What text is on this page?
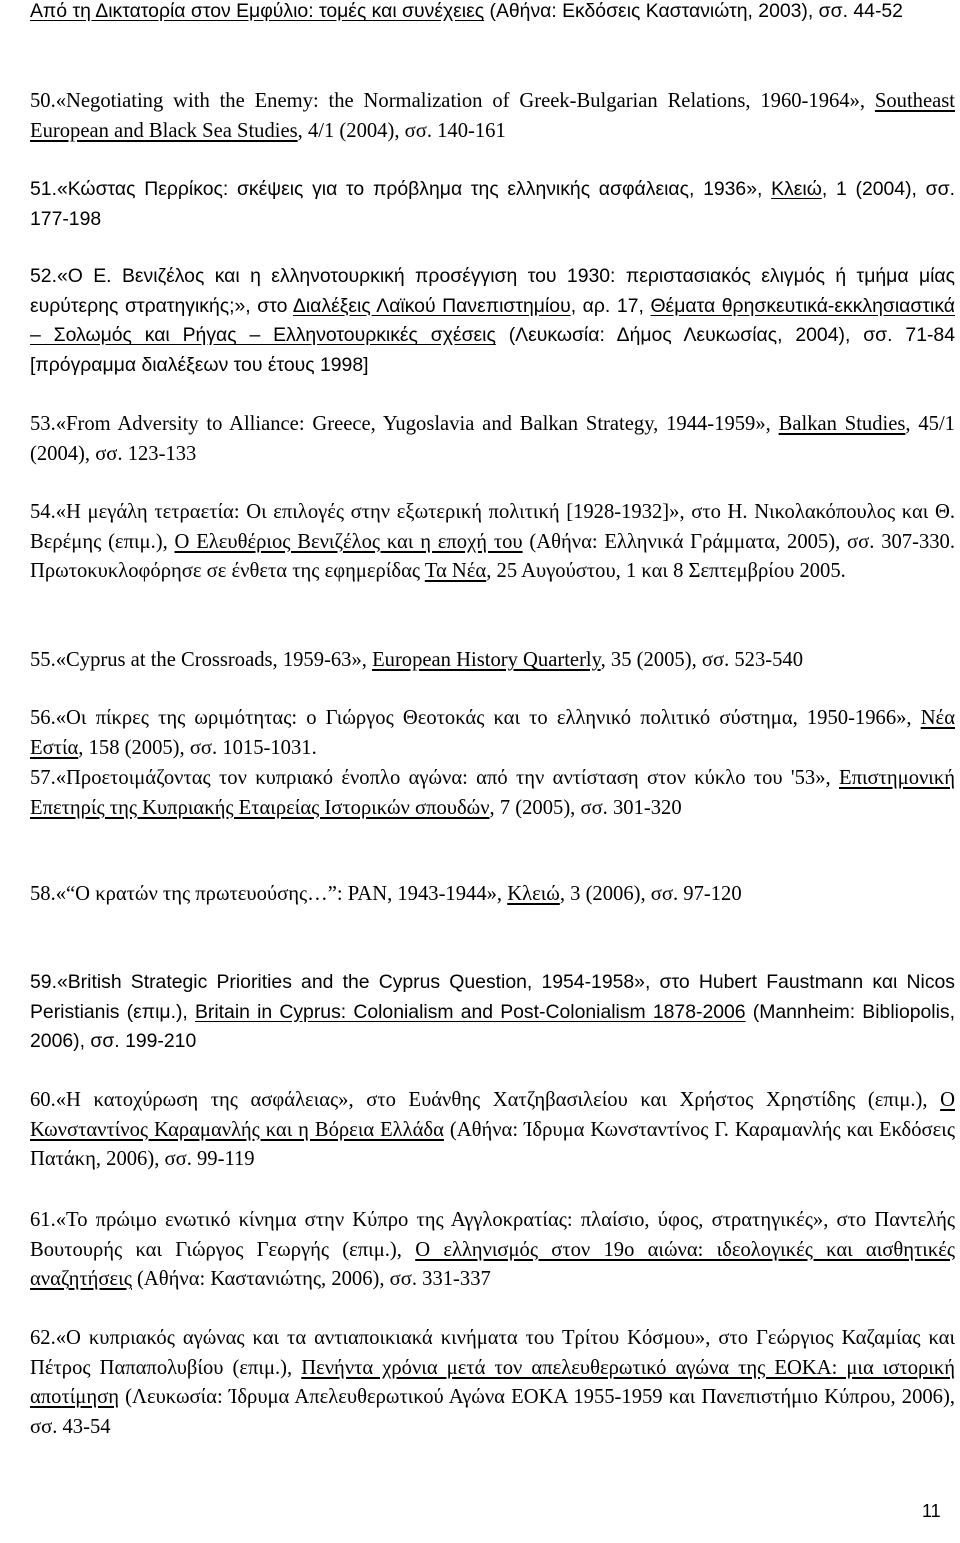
Από τη Δικτατορία στον Εμφύλιο: τομές και συνέχειες (Αθήνα: Εκδόσεις Καστανιώτη, 2003), σσ. 44-52
50.«Negotiating with the Enemy: the Normalization of Greek-Bulgarian Relations, 1960-1964», Southeast European and Black Sea Studies, 4/1 (2004), σσ. 140-161
51.«Κώστας Περρίκος: σκέψεις για το πρόβλημα της ελληνικής ασφάλειας, 1936», Κλειώ, 1 (2004), σσ. 177-198
52.«Ο Ε. Βενιζέλος και η ελληνοτουρκική προσέγγιση του 1930: περιστασιακός ελιγμός ή τμήμα μίας ευρύτερης στρατηγικής;», στο Διαλέξεις Λαϊκού Πανεπιστημίου, αρ. 17, Θέματα θρησκευτικά-εκκλησιαστικά – Σολωμός και Ρήγας – Ελληνοτουρκικές σχέσεις (Λευκωσία: Δήμος Λευκωσίας, 2004), σσ. 71-84 [πρόγραμμα διαλέξεων του έτους 1998]
53.«From Adversity to Alliance: Greece, Yugoslavia and Balkan Strategy, 1944-1959», Balkan Studies, 45/1 (2004), σσ. 123-133
54.«Η μεγάλη τετραετία: Οι επιλογές στην εξωτερική πολιτική [1928-1932]», στο Η. Νικολακόπουλος και Θ. Βερέμης (επιμ.), Ο Ελευθέριος Βενιζέλος και η εποχή του (Αθήνα: Ελληνικά Γράμματα, 2005), σσ. 307-330. Πρωτοκυκλοφόρησε σε ένθετα της εφημερίδας Τα Νέα, 25 Αυγούστου, 1 και 8 Σεπτεμβρίου 2005.
55.«Cyprus at the Crossroads, 1959-63», European History Quarterly, 35 (2005), σσ. 523-540
56.«Οι πίκρες της ωριμότητας: ο Γιώργος Θεοτοκάς και το ελληνικό πολιτικό σύστημα, 1950-1966», Νέα Εστία, 158 (2005), σσ. 1015-1031.
57.«Προετοιμάζοντας τον κυπριακό ένοπλο αγώνα: από την αντίσταση στον κύκλο του '53», Επιστημονική Επετηρίς της Κυπριακής Εταιρείας Ιστορικών σπουδών, 7 (2005), σσ. 301-320
58.«“Ο κρατών της πρωτευούσης…”: ΡΑΝ, 1943-1944», Κλειώ, 3 (2006), σσ. 97-120
59.«British Strategic Priorities and the Cyprus Question, 1954-1958», στο Hubert Faustmann και Nicos Peristianis (επιμ.), Britain in Cyprus: Colonialism and Post-Colonialism 1878-2006 (Mannheim: Bibliopolis, 2006), σσ. 199-210
60.«Η κατοχύρωση της ασφάλειας», στο Ευάνθης Χατζηβασιλείου και Χρήστος Χρηστίδης (επιμ.), Ο Κωνσταντίνος Καραμανλής και η Βόρεια Ελλάδα (Αθήνα: Ίδρυμα Κωνσταντίνος Γ. Καραμανλής και Εκδόσεις Πατάκη, 2006), σσ. 99-119
61.«Το πρώιμο ενωτικό κίνημα στην Κύπρο της Αγγλοκρατίας: πλαίσιο, ύφος, στρατηγικές», στο Παντελής Βουτουρής και Γιώργος Γεωργής (επιμ.), Ο ελληνισμός στον 19ο αιώνα: ιδεολογικές και αισθητικές αναζητήσεις (Αθήνα: Καστανιώτης, 2006), σσ. 331-337
62.«Ο κυπριακός αγώνας και τα αντιαποικιακά κινήματα του Τρίτου Κόσμου», στο Γεώργιος Καζαμίας και Πέτρος Παπαπολυβίου (επιμ.), Πενήντα χρόνια μετά τον απελευθερωτικό αγώνα της ΕΟΚΑ: μια ιστορική αποτίμηση (Λευκωσία: Ίδρυμα Απελευθερωτικού Αγώνα ΕΟΚΑ 1955-1959 και Πανεπιστήμιο Κύπρου, 2006), σσ. 43-54
11
